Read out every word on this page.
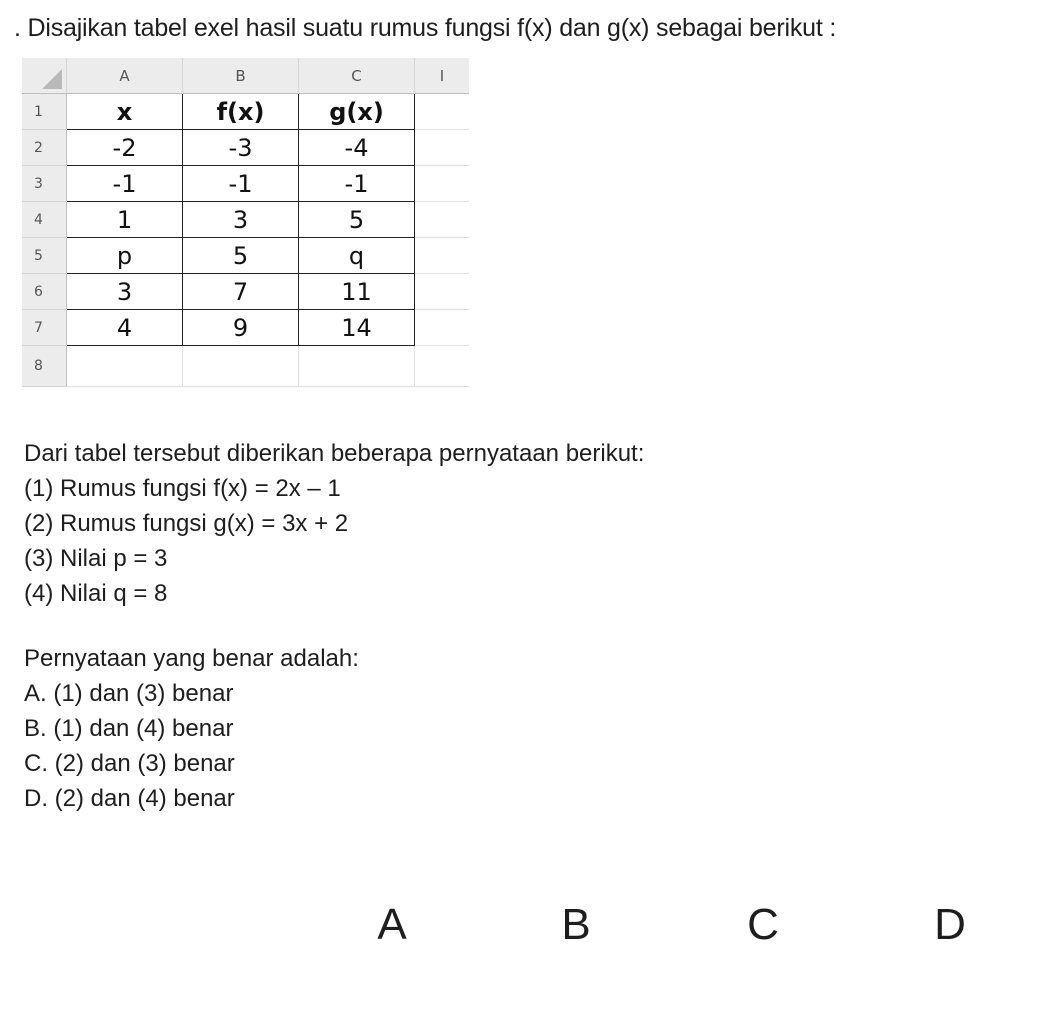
. Disajikan tabel exel hasil suatu rumus fungsi f(x) dan g(x) sebagai berikut :
	A	B	C	I
1	x	f(x)	g(x)	
2	-2	-3	-4	
3	-1	-1	-1	
4	1	3	5	
5	p	5	q	
6	3	7	11	
7	4	9	14	
8				
Dari tabel tersebut diberikan beberapa pernyataan berikut:
(1) Rumus fungsi f(x) = 2x – 1
(2) Rumus fungsi g(x) = 3x + 2
(3) Nilai p = 3
(4) Nilai q = 8
Pernyataan yang benar adalah:
A. (1) dan (3) benar
B. (1) dan (4) benar
C. (2) dan (3) benar
D. (2) dan (4) benar
A	B	C	D
